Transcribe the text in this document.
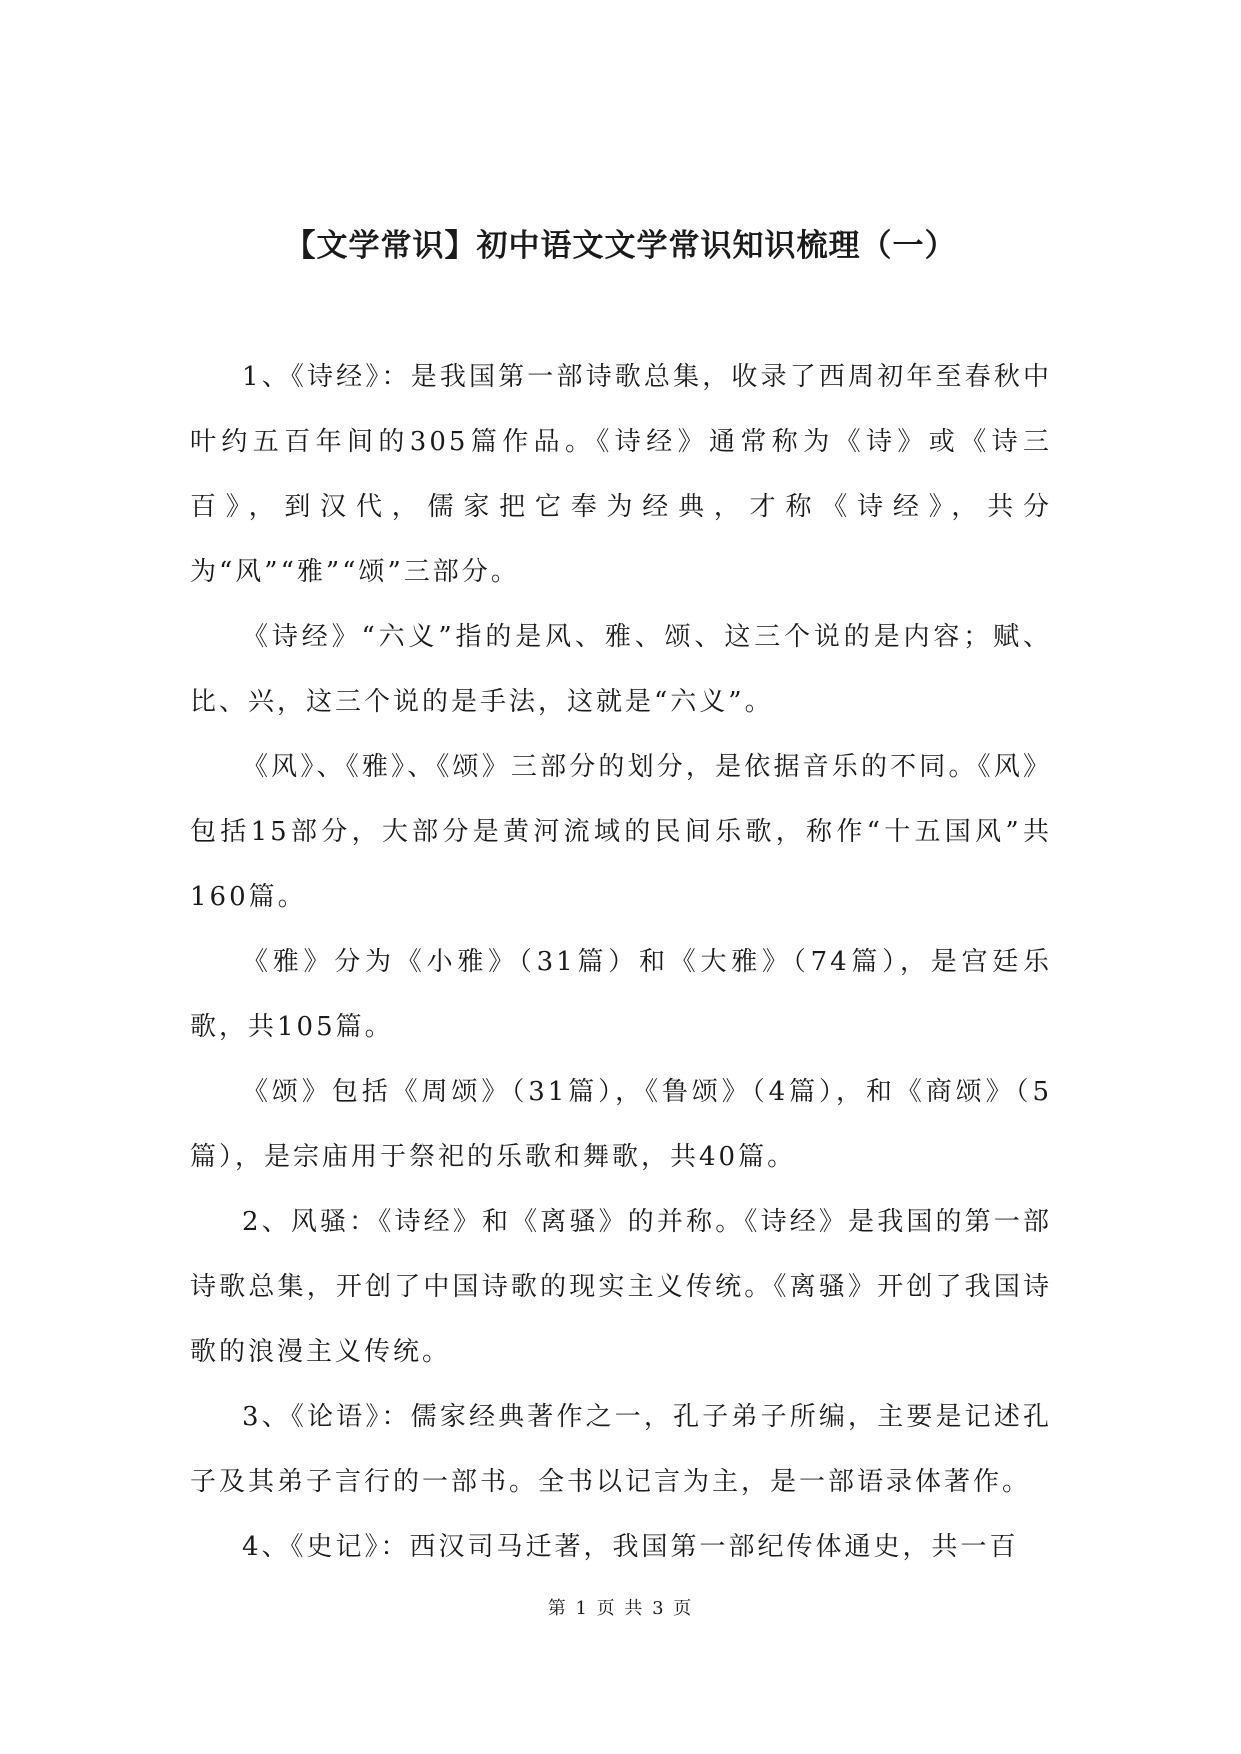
【文学常识】初中语文文学常识知识梳理（一）

1、《诗经》：是我国第一部诗歌总集，收录了西周初年至春秋中叶约五百年间的305篇作品。《诗经》通常称为《诗》或《诗三百》，到汉代，儒家把它奉为经典，才称《诗经》，共分为“风”“雅”“颂”三部分。

《诗经》“六义”指的是风、雅、颂、这三个说的是内容；赋、比、兴，这三个说的是手法，这就是“六义”。

《风》、《雅》、《颂》三部分的划分，是依据音乐的不同。《风》包括15部分，大部分是黄河流域的民间乐歌，称作“十五国风”共160篇。

《雅》分为《小雅》（31篇）和《大雅》（74篇），是宫廷乐歌，共105篇。

《颂》包括《周颂》（31篇），《鲁颂》（4篇），和《商颂》（5篇），是宗庙用于祭祀的乐歌和舞歌，共40篇。

2、风骚：《诗经》和《离骚》的并称。《诗经》是我国的第一部诗歌总集，开创了中国诗歌的现实主义传统。《离骚》开创了我国诗歌的浪漫主义传统。

3、《论语》：儒家经典著作之一，孔子弟子所编，主要是记述孔子及其弟子言行的一部书。全书以记言为主，是一部语录体著作。

4、《史记》：西汉司马迁著，我国第一部纪传体通史，共一百

第 1 页 共 3 页
